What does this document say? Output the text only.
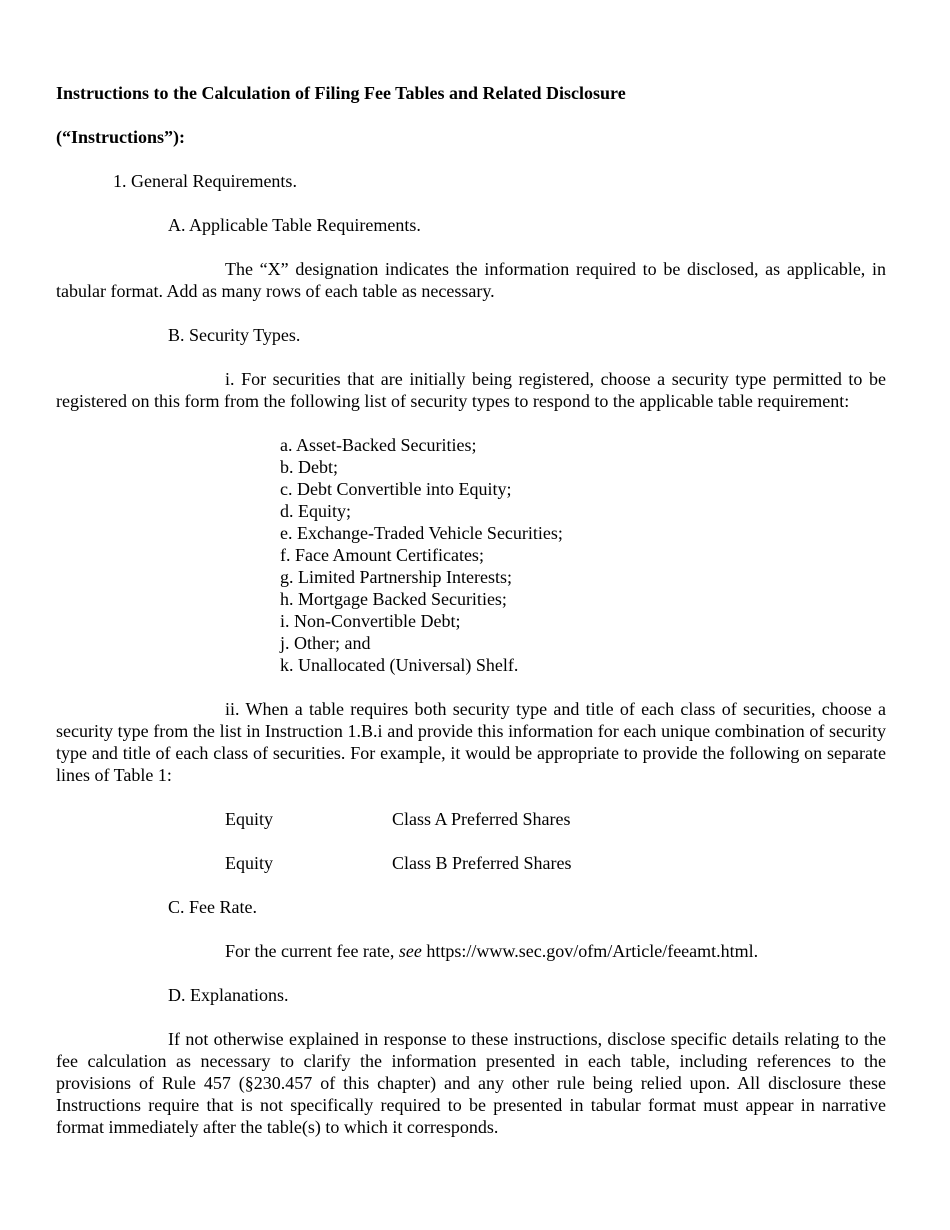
Instructions to the Calculation of Filing Fee Tables and Related Disclosure

(“Instructions”):

1. General Requirements.
A. Applicable Table Requirements.

The “X” designation indicates the information required to be disclosed, as applicable, in tabular format. Add as many rows of each table as necessary.

B. Security Types.

i. For securities that are initially being registered, choose a security type permitted to be registered on this form from the following list of security types to respond to the applicable table requirement:

a. Asset-Backed Securities;
b. Debt;
c. Debt Convertible into Equity;
d. Equity;
e. Exchange-Traded Vehicle Securities;
f. Face Amount Certificates;
g. Limited Partnership Interests;
h. Mortgage Backed Securities;
i. Non-Convertible Debt;
j. Other; and
k. Unallocated (Universal) Shelf.

ii. When a table requires both security type and title of each class of securities, choose a security type from the list in Instruction 1.B.i and provide this information for each unique combination of security type and title of each class of securities. For example, it would be appropriate to provide the following on separate lines of Table 1:

Equity	Class A Preferred Shares
Equity	Class B Preferred Shares
C. Fee Rate.
For the current fee rate, see https://www.sec.gov/ofm/Article/feeamt.html.
D. Explanations.

If not otherwise explained in response to these instructions, disclose specific details relating to the fee calculation as necessary to clarify the information presented in each table, including references to the provisions of Rule 457 (§230.457 of this chapter) and any other rule being relied upon. All disclosure these Instructions require that is not specifically required to be presented in tabular format must appear in narrative format immediately after the table(s) to which it corresponds.
